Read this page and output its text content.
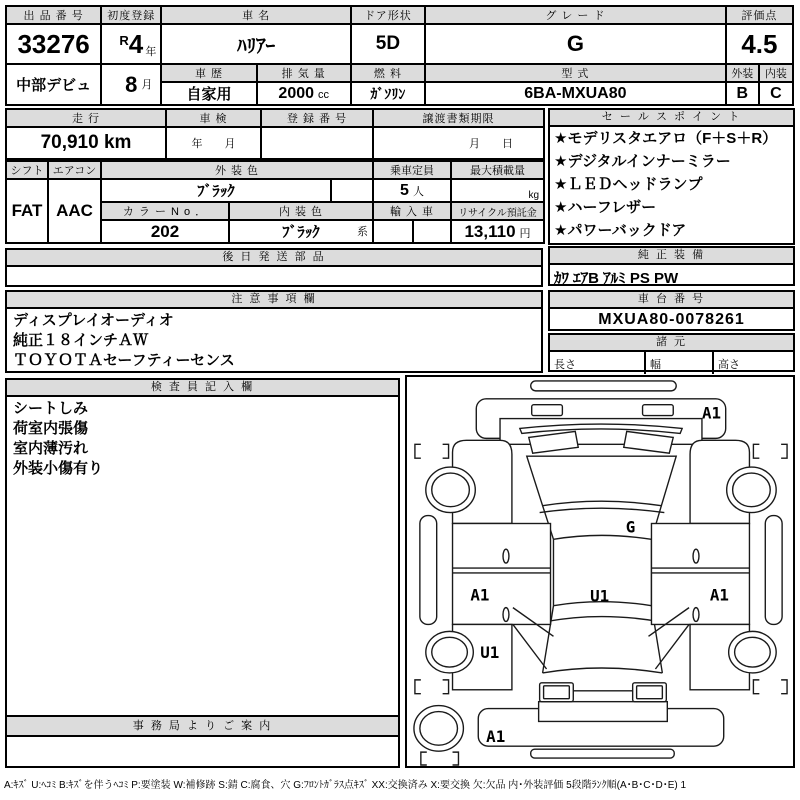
出 品 番 号	初度登録	車 名		ドア形状	グ レ ー ド	評価点	
33276	R 4 年	ﾊﾘｱｰ		5D	G	4.5	
中部デビュ	8 月	車 歴	排 気 量	燃 料	型 式	外装	内装
		自家用	2000 cc	ｶﾞｿﾘﾝ	6BA-MXUA80	B	C
走 行	車 検	登 録 番 号	譲渡書類期限
70,910 km	年　　月		月　　日
シフト	エアコン	外 装 色			乗車定員		最大積載量
FAT	AAC	ﾌﾞﾗｯｸ			5 人		kg
		カ ラ ー N o ．	内 装 色		輸 入 車		リサイクル預託金
		202	ﾌﾞﾗｯｸ 系				13,110 円
後 日 発 送 部 品
注 意 事 項 欄
ディスプレイオーディオ
純正１８インチＡＷ
ＴＯＹＯＴＡセーフティーセンス
セ ー ル ス ポ イ ン ト
★モデリスタエアロ（F＋S＋R）
★デジタルインナーミラー
★ＬＥＤヘッドランプ
★ハーフレザー
★パワーバックドア
純 正 装 備
ｶﾜ ｴｱB ｱﾙﾐ PS PW
車 台 番 号
MXUA80-0078261
諸 元
長さ	幅	高さ
検 査 員 記 入 欄
シートしみ
荷室内張傷
室内薄汚れ
外装小傷有り
事 務 局 よ り ご 案 内
A1
G
A1	U1	A1
U1
A1
A:ｷｽﾞ U:ﾍｺﾐ B:ｷｽﾞを伴うﾍｺﾐ P:要塗装 W:補修跡 S:錆 C:腐食、穴 G:ﾌﾛﾝﾄｶﾞﾗｽ点ｷｽﾞ XX:交換済み X:要交換 欠:欠品 内･外装評価 5段階ﾗﾝｸ順(A･B･C･D･E) 1
